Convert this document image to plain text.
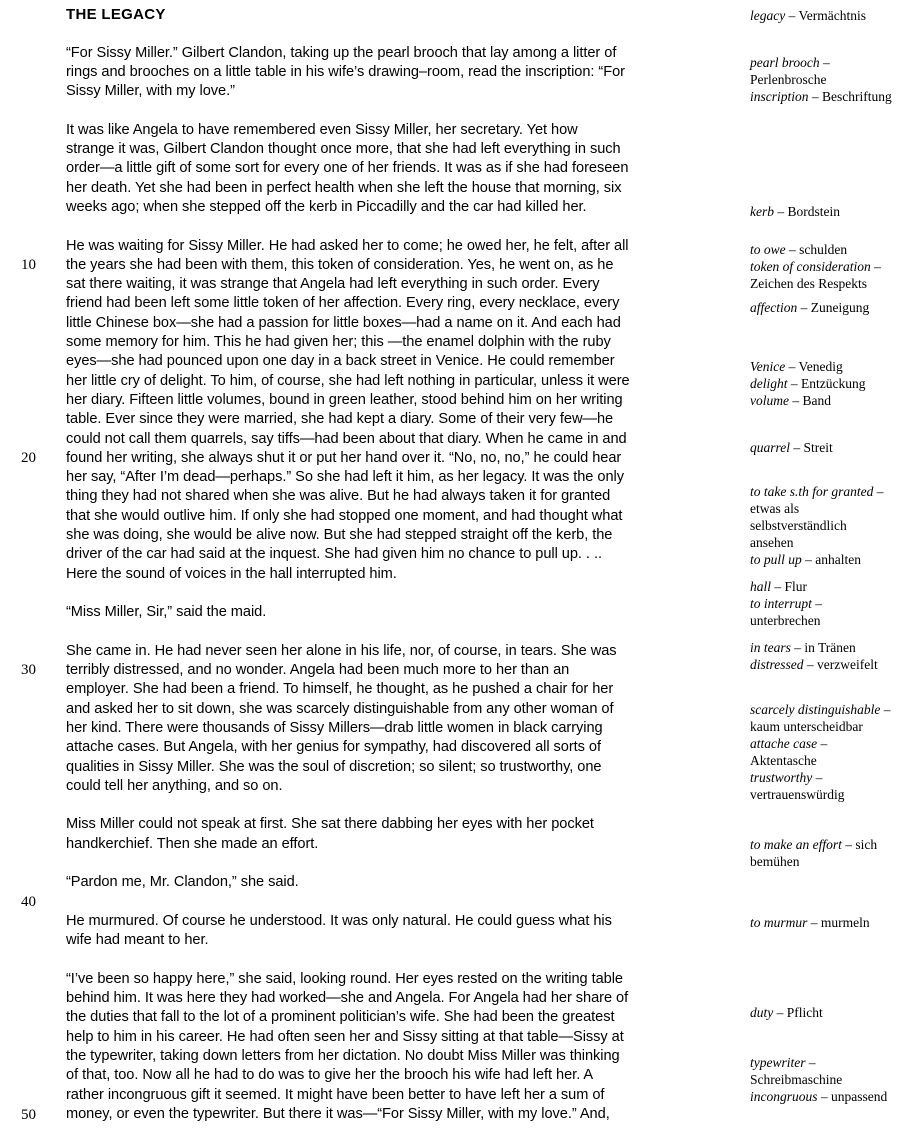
10
20
30
40
50
THE LEGACY
“For Sissy Miller.” Gilbert Clandon, taking up the pearl brooch that lay among a litter of
rings and brooches on a little table in his wife’s drawing–room, read the inscription: “For
Sissy Miller, with my love.”
It was like Angela to have remembered even Sissy Miller, her secretary. Yet how
strange it was, Gilbert Clandon thought once more, that she had left everything in such
order—a little gift of some sort for every one of her friends. It was as if she had foreseen
her death. Yet she had been in perfect health when she left the house that morning, six
weeks ago; when she stepped off the kerb in Piccadilly and the car had killed her.
He was waiting for Sissy Miller. He had asked her to come; he owed her, he felt, after all
the years she had been with them, this token of consideration. Yes, he went on, as he
sat there waiting, it was strange that Angela had left everything in such order. Every
friend had been left some little token of her affection. Every ring, every necklace, every
little Chinese box—she had a passion for little boxes—had a name on it. And each had
some memory for him. This he had given her; this —the enamel dolphin with the ruby
eyes—she had pounced upon one day in a back street in Venice. He could remember
her little cry of delight. To him, of course, she had left nothing in particular, unless it were
her diary. Fifteen little volumes, bound in green leather, stood behind him on her writing
table. Ever since they were married, she had kept a diary. Some of their very few—he
could not call them quarrels, say tiffs—had been about that diary. When he came in and
found her writing, she always shut it or put her hand over it. “No, no, no,” he could hear
her say, “After I’m dead—perhaps.” So she had left it him, as her legacy. It was the only
thing they had not shared when she was alive. But he had always taken it for granted
that she would outlive him. If only she had stopped one moment, and had thought what
she was doing, she would be alive now. But she had stepped straight off the kerb, the
driver of the car had said at the inquest. She had given him no chance to pull up. . ..
Here the sound of voices in the hall interrupted him.
“Miss Miller, Sir,” said the maid.
She came in. He had never seen her alone in his life, nor, of course, in tears. She was
terribly distressed, and no wonder. Angela had been much more to her than an
employer. She had been a friend. To himself, he thought, as he pushed a chair for her
and asked her to sit down, she was scarcely distinguishable from any other woman of
her kind. There were thousands of Sissy Millers—drab little women in black carrying
attache cases. But Angela, with her genius for sympathy, had discovered all sorts of
qualities in Sissy Miller. She was the soul of discretion; so silent; so trustworthy, one
could tell her anything, and so on.
Miss Miller could not speak at first. She sat there dabbing her eyes with her pocket
handkerchief. Then she made an effort.
“Pardon me, Mr. Clandon,” she said.
He murmured. Of course he understood. It was only natural. He could guess what his
wife had meant to her.
“I’ve been so happy here,” she said, looking round. Her eyes rested on the writing table
behind him. It was here they had worked—she and Angela. For Angela had her share of
the duties that fall to the lot of a prominent politician’s wife. She had been the greatest
help to him in his career. He had often seen her and Sissy sitting at that table—Sissy at
the typewriter, taking down letters from her dictation. No doubt Miss Miller was thinking
of that, too. Now all he had to do was to give her the brooch his wife had left her. A
rather incongruous gift it seemed. It might have been better to have left her a sum of
money, or even the typewriter. But there it was—“For Sissy Miller, with my love.” And,
legacy – Vermächtnis
pearl brooch –
Perlenbrosche
inscription – Beschriftung
kerb – Bordstein
to owe – schulden
token of consideration –
Zeichen des Respekts
affection – Zuneigung
Venice – Venedig
delight – Entzückung
volume – Band
quarrel – Streit
to take s.th for granted –
etwas als
selbstverständlich
ansehen
to pull up – anhalten
hall – Flur
to interrupt –
unterbrechen
in tears – in Tränen
distressed – verzweifelt
scarcely distinguishable –
kaum unterscheidbar
attache case –
Aktentasche
trustworthy –
vertrauenswürdig
to make an effort – sich
bemühen
to murmur – murmeln
duty – Pflicht
typewriter –
Schreibmaschine
incongruous – unpassend
